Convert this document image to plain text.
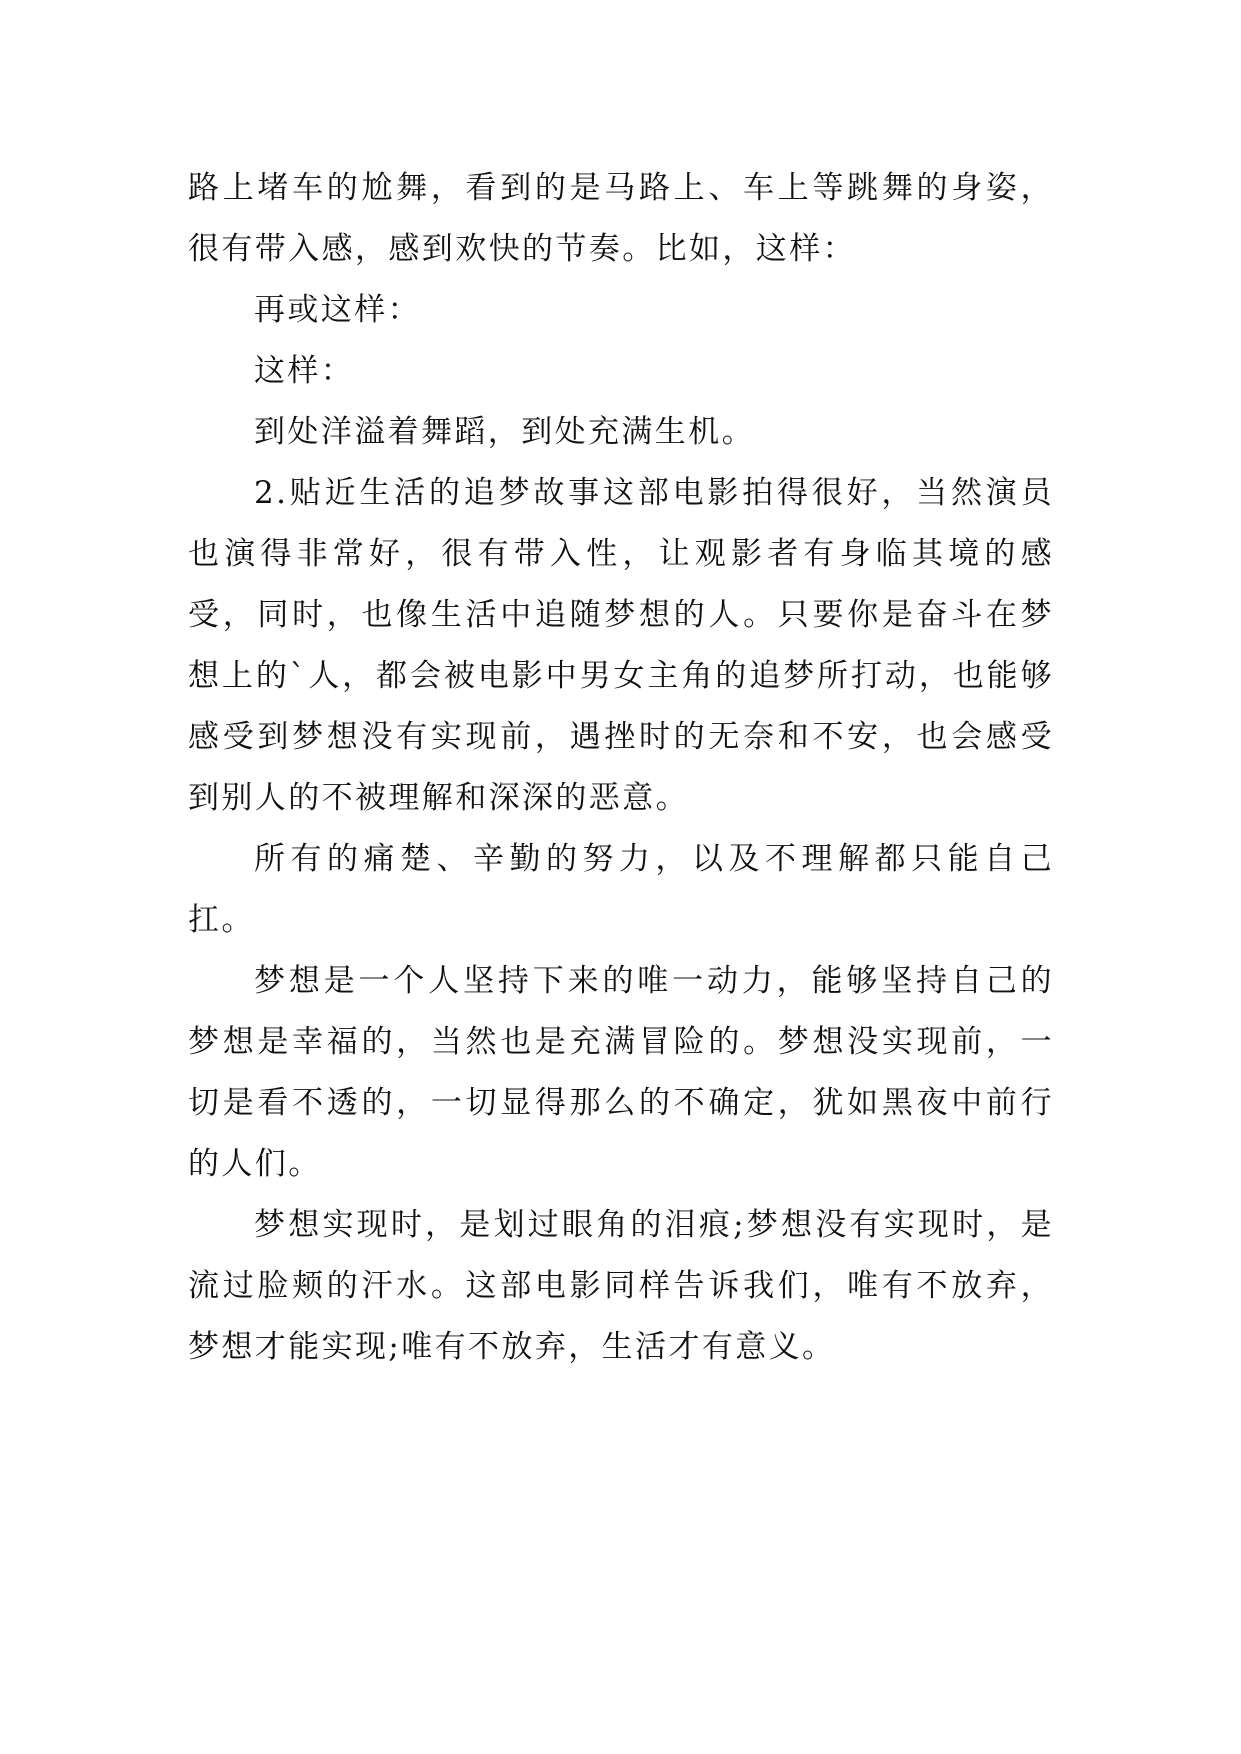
路上堵车的尬舞，看到的是马路上、车上等跳舞的身姿，很有带入感，感到欢快的节奏。比如，这样：

再或这样：

这样：

到处洋溢着舞蹈，到处充满生机。

2.贴近生活的追梦故事这部电影拍得很好，当然演员也演得非常好，很有带入性，让观影者有身临其境的感受，同时，也像生活中追随梦想的人。只要你是奋斗在梦想上的`人，都会被电影中男女主角的追梦所打动，也能够感受到梦想没有实现前，遇挫时的无奈和不安，也会感受到别人的不被理解和深深的恶意。

所有的痛楚、辛勤的努力，以及不理解都只能自己扛。

梦想是一个人坚持下来的唯一动力，能够坚持自己的梦想是幸福的，当然也是充满冒险的。梦想没实现前，一切是看不透的，一切显得那么的不确定，犹如黑夜中前行的人们。

梦想实现时，是划过眼角的泪痕;梦想没有实现时，是流过脸颊的汗水。这部电影同样告诉我们，唯有不放弃，梦想才能实现;唯有不放弃，生活才有意义。
